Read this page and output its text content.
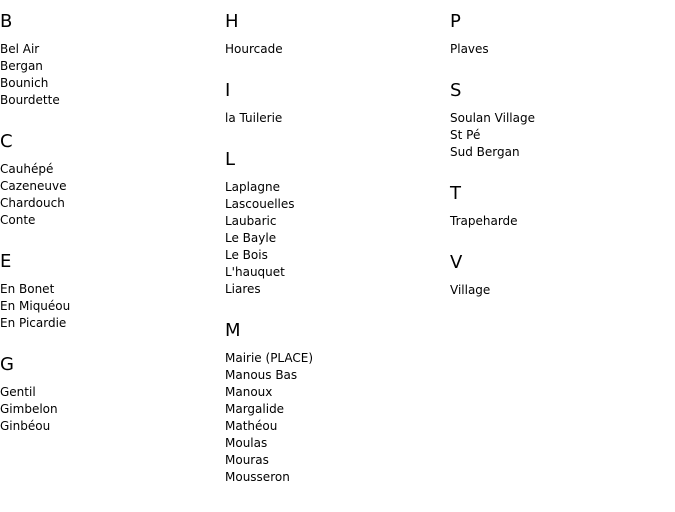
B
Bel Air
Bergan
Bounich
Bourdette
C
Cauhépé
Cazeneuve
Chardouch
Conte
E
En Bonet
En Miquéou
En Picardie
G
Gentil
Gimbelon
Ginbéou
H
Hourcade
I
la Tuilerie
L
Laplagne
Lascouelles
Laubaric
Le Bayle
Le Bois
L'hauquet
Liares
M
Mairie (PLACE)
Manous Bas
Manoux
Margalide
Mathéou
Moulas
Mouras
Mousseron
P
Plaves
S
Soulan Village
St Pé
Sud Bergan
T
Trapeharde
V
Village
